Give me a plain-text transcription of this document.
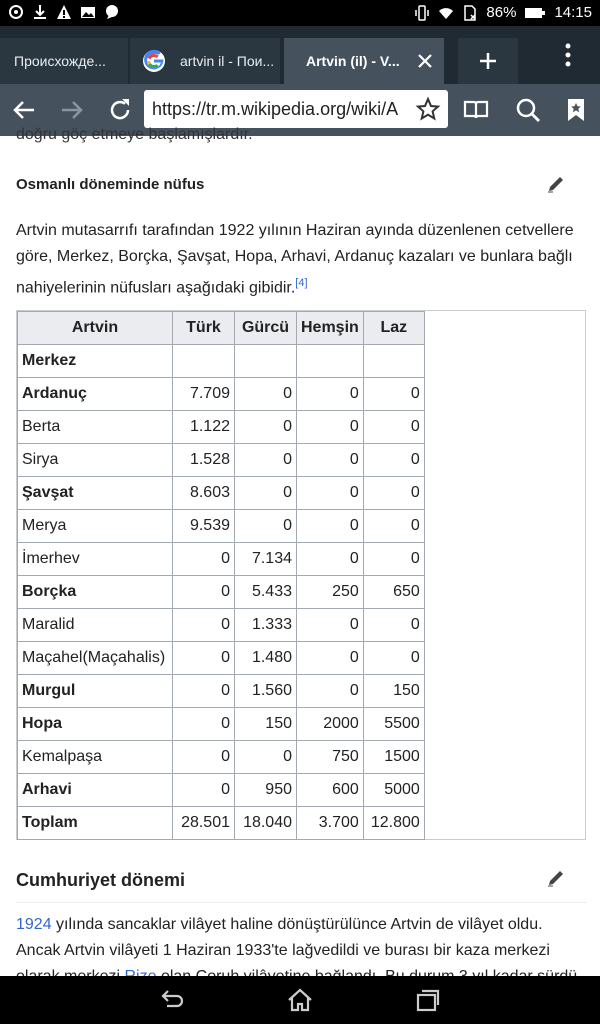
86%	14:15
Происхожде...	artvin il - Пои...	Artvin (il) - V...
https://tr.m.wikipedia.org/wiki/A
doğru göç etmeye başlamışlardır.
Osmanlı döneminde nüfus
Artvin mutasarrıfı tarafından 1922 yılının Haziran ayında düzenlenen cetvellere göre, Merkez, Borçka, Şavşat, Hopa, Arhavi, Ardanuç kazaları ve bunlara bağlı nahiyelerinin nüfusları aşağıdaki gibidir.[4]
Artvin	Türk	Gürcü	Hemşin	Laz
Merkez				
Ardanuç	7.709	0	0	0
Berta	1.122	0	0	0
Sirya	1.528	0	0	0
Şavşat	8.603	0	0	0
Merya	9.539	0	0	0
İmerhev	0	7.134	0	0
Borçka	0	5.433	250	650
Maralid	0	1.333	0	0
Maçahel(Maçahalis)	0	1.480	0	0
Murgul	0	1.560	0	150
Hopa	0	150	2000	5500
Kemalpaşa	0	0	750	1500
Arhavi	0	950	600	5000
Toplam	28.501	18.040	3.700	12.800
Cumhuriyet dönemi
1924 yılında sancaklar vilâyet haline dönüştürülünce Artvin de vilâyet oldu. Ancak Artvin vilâyeti 1 Haziran 1933'te lağvedildi ve burası bir kaza merkezi
